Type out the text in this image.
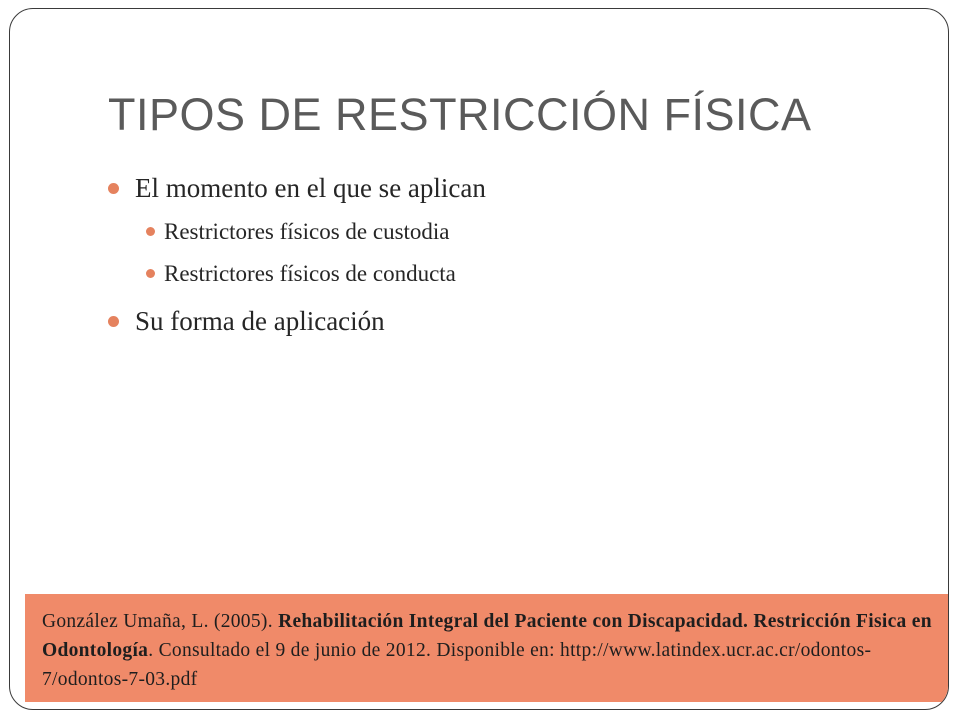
TIPOS DE RESTRICCIÓN FÍSICA
El momento en el que se aplican
Restrictores físicos de custodia
Restrictores físicos de conducta
Su forma de aplicación
González Umaña, L. (2005). Rehabilitación Integral del Paciente con Discapacidad. Restricción Fisica en Odontología. Consultado el 9 de junio de 2012. Disponible en: http://www.latindex.ucr.ac.cr/odontos-7/odontos-7-03.pdf
